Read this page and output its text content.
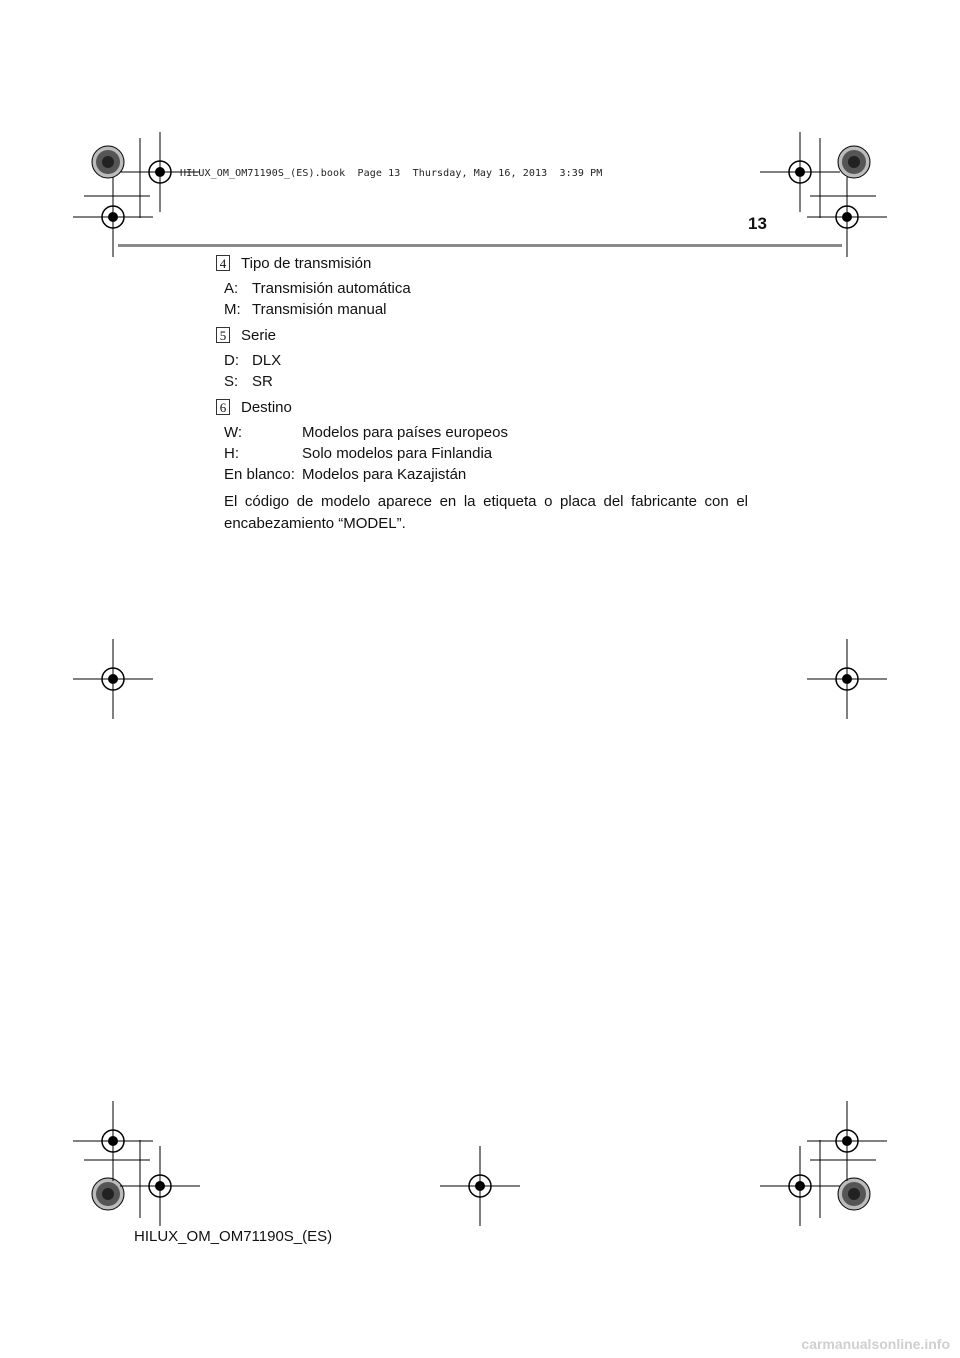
HILUX_OM_OM71190S_(ES).book  Page 13  Thursday, May 16, 2013  3:39 PM
13
4 Tipo de transmisión
A: Transmisión automática
M: Transmisión manual
5 Serie
D: DLX
S: SR
6 Destino
W:	Modelos para países europeos
H:	Solo modelos para Finlandia
En blanco: Modelos para Kazajistán
El código de modelo aparece en la etiqueta o placa del fabricante con el encabezamiento “MODEL”.
HILUX_OM_OM71190S_(ES)
carmanualsonline.info
